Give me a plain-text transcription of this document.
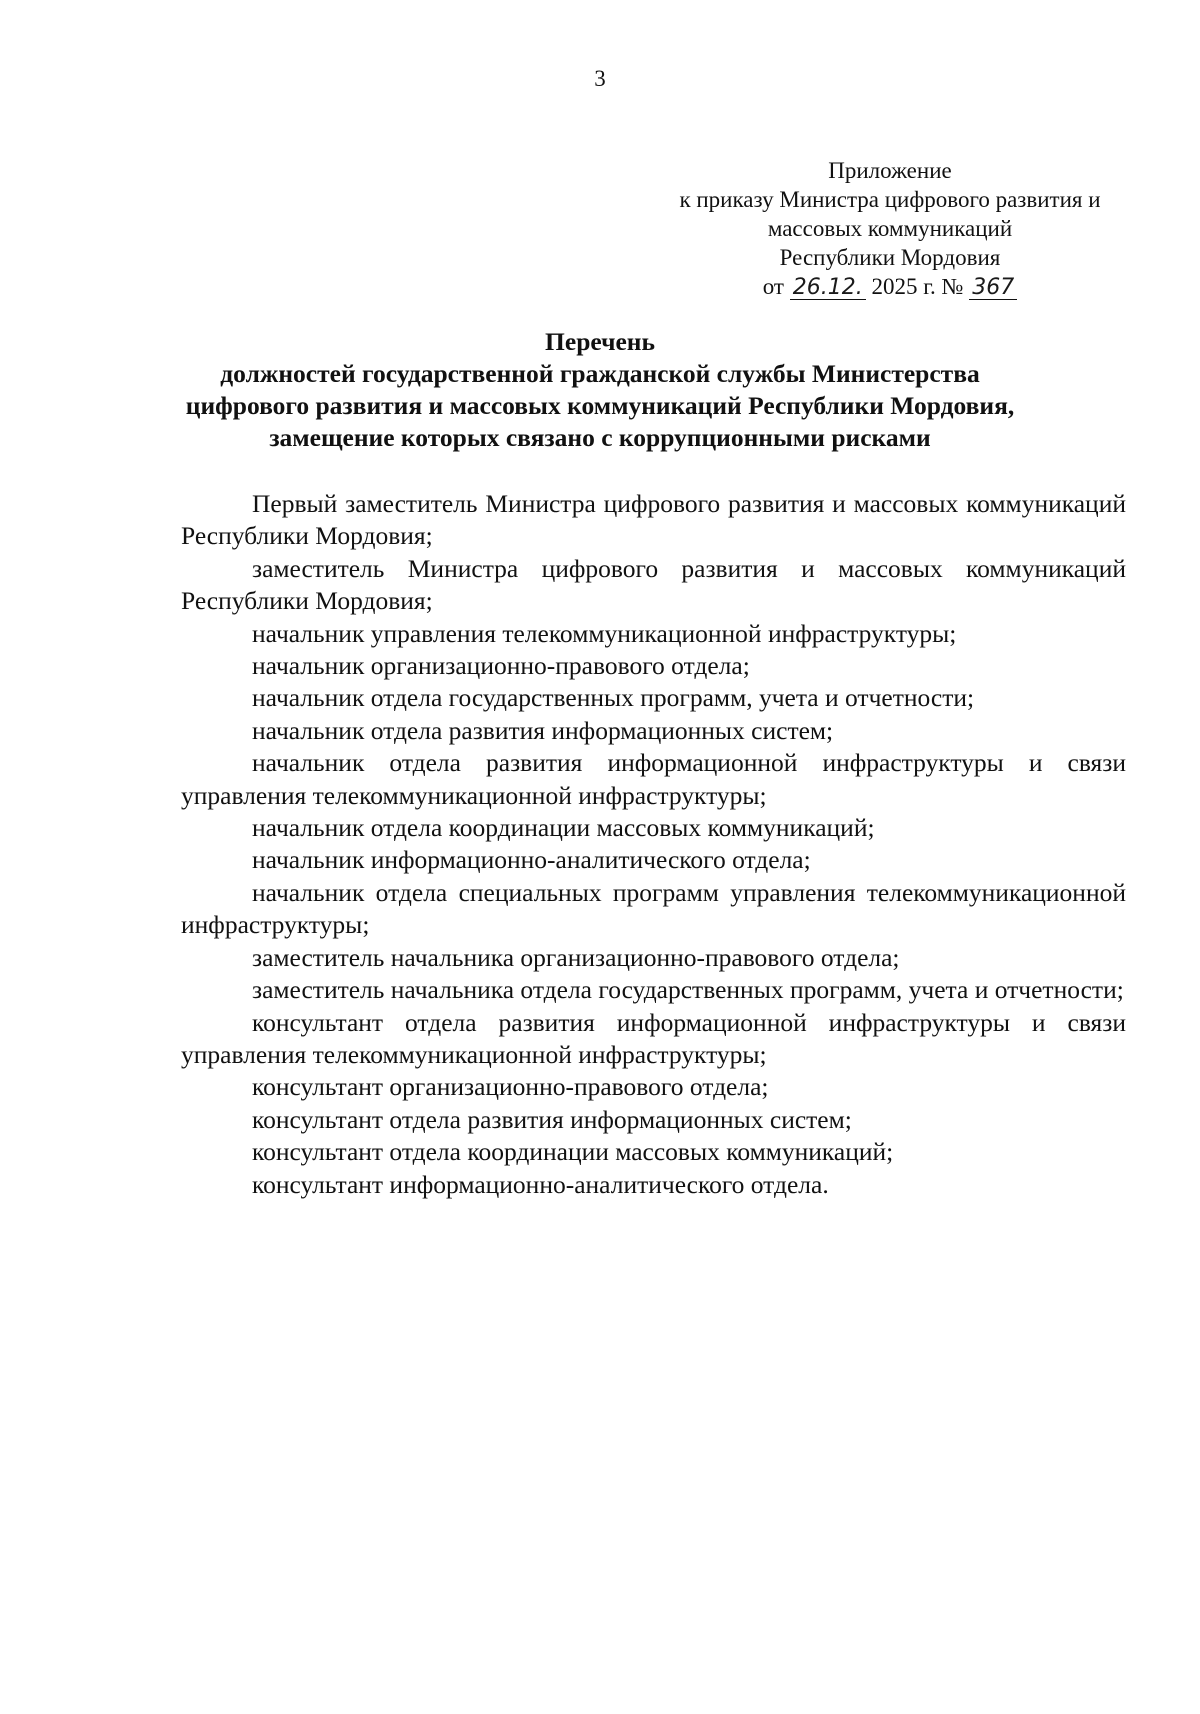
3
Приложение
к приказу Министра цифрового развития и
массовых коммуникаций
Республики Мордовия
от 26.12. 2025 г. № 367
Перечень
должностей государственной гражданской службы Министерства
цифрового развития и массовых коммуникаций Республики Мордовия,
замещение которых связано с коррупционными рисками
Первый заместитель Министра цифрового развития и массовых коммуникаций Республики Мордовия;
заместитель Министра цифрового развития и массовых коммуникаций Республики Мордовия;
начальник управления телекоммуникационной инфраструктуры;
начальник организационно-правового отдела;
начальник отдела государственных программ, учета и отчетности;
начальник отдела развития информационных систем;
начальник отдела развития информационной инфраструктуры и связи управления телекоммуникационной инфраструктуры;
начальник отдела координации массовых коммуникаций;
начальник информационно-аналитического отдела;
начальник отдела специальных программ управления телекоммуникационной инфраструктуры;
заместитель начальника организационно-правового отдела;
заместитель начальника отдела государственных программ, учета и отчетности;
консультант отдела развития информационной инфраструктуры и связи управления телекоммуникационной инфраструктуры;
консультант организационно-правового отдела;
консультант отдела развития информационных систем;
консультант отдела координации массовых коммуникаций;
консультант информационно-аналитического отдела.
